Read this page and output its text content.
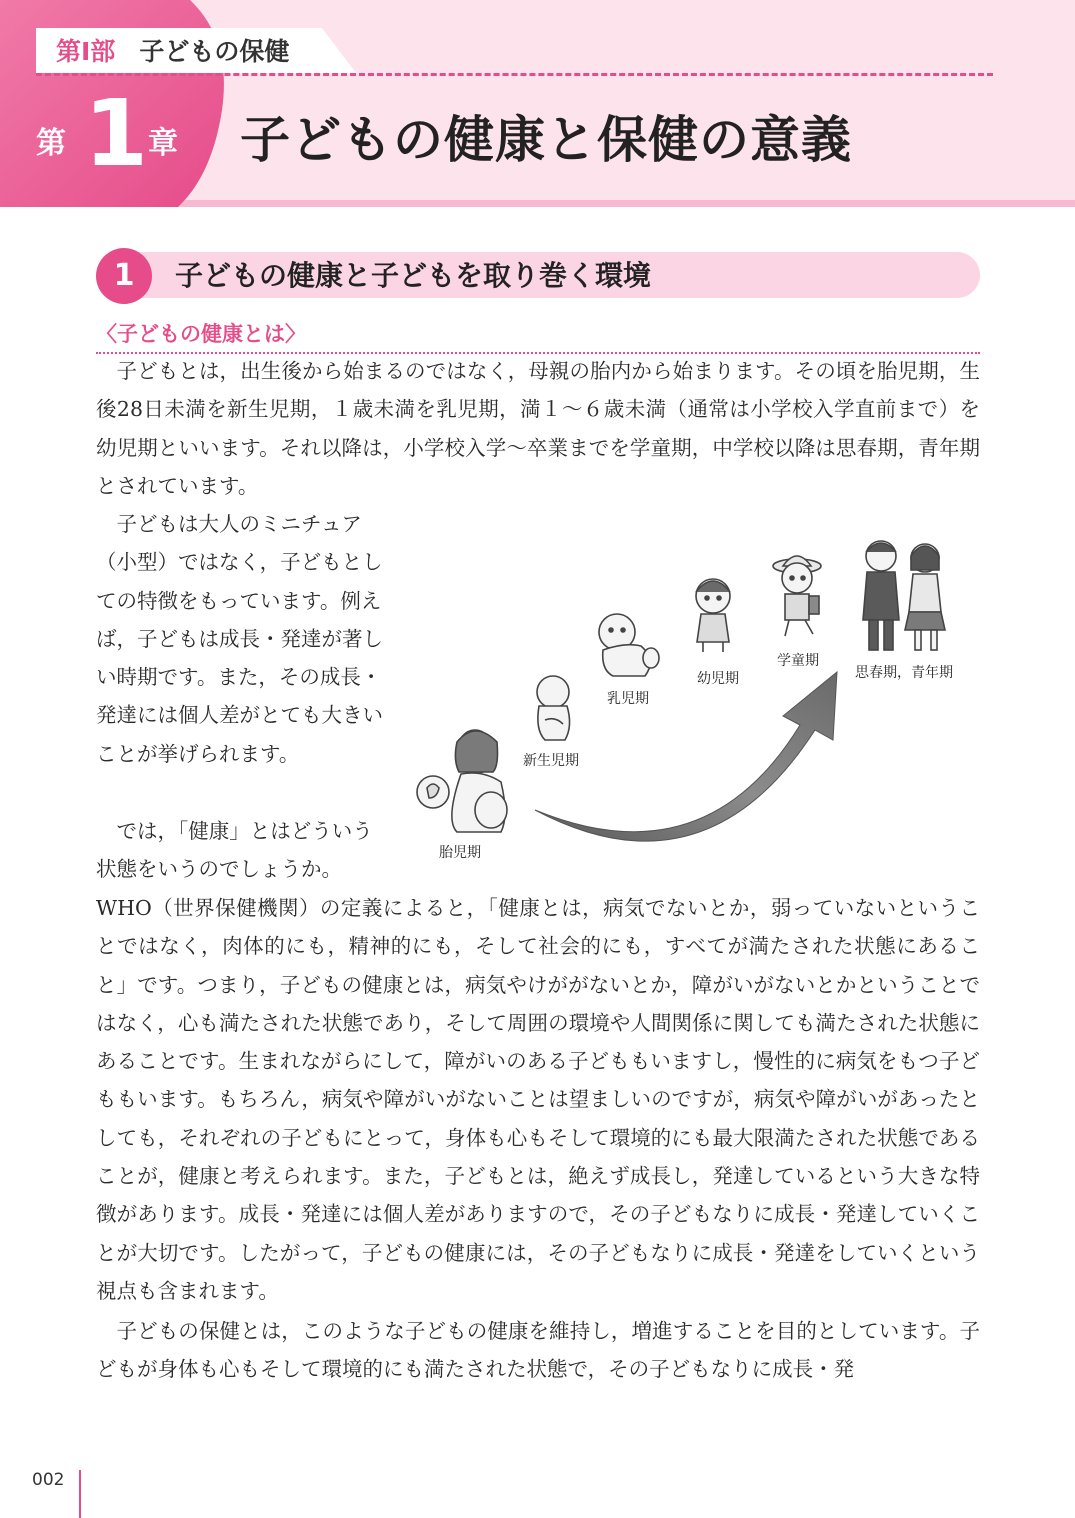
第Ⅰ部 子どもの保健
第 1 章 子どもの健康と保健の意義
1	子どもの健康と子どもを取り巻く環境
〈子どもの健康とは〉

子どもとは，出生後から始まるのではなく，母親の胎内から始まります。その頃を胎児期，生後28日未満を新生児期，１歳未満を乳児期，満１～６歳未満（通常は小学校入学直前まで）を幼児期といいます。それ以降は，小学校入学～卒業までを学童期，中学校以降は思春期，青年期とされています。

子どもは大人のミニチュア（小型）ではなく，子どもとしての特徴をもっています。例えば，子どもは成長・発達が著しい時期です。また，その成長・発達には個人差がとても大きいことが挙げられます。

では，「健康」とはどういう状態をいうのでしょうか。

胎児期
新生児期
乳児期
幼児期
学童期
思春期，青年期

WHO（世界保健機関）の定義によると，「健康とは，病気でないとか，弱っていないということではなく，肉体的にも，精神的にも，そして社会的にも，すべてが満たされた状態にあること」です。つまり，子どもの健康とは，病気やけががないとか，障がいがないとかということではなく，心も満たされた状態であり，そして周囲の環境や人間関係に関しても満たされた状態にあることです。生まれながらにして，障がいのある子どももいますし，慢性的に病気をもつ子どももいます。もちろん，病気や障がいがないことは望ましいのですが，病気や障がいがあったとしても，それぞれの子どもにとって，身体も心もそして環境的にも最大限満たされた状態であることが，健康と考えられます。また，子どもとは，絶えず成長し，発達しているという大きな特徴があります。成長・発達には個人差がありますので，その子どもなりに成長・発達していくことが大切です。したがって，子どもの健康には，その子どもなりに成長・発達をしていくという視点も含まれます。

子どもの保健とは，このような子どもの健康を維持し，増進することを目的としています。子どもが身体も心もそして環境的にも満たされた状態で，その子どもなりに成長・発

002
